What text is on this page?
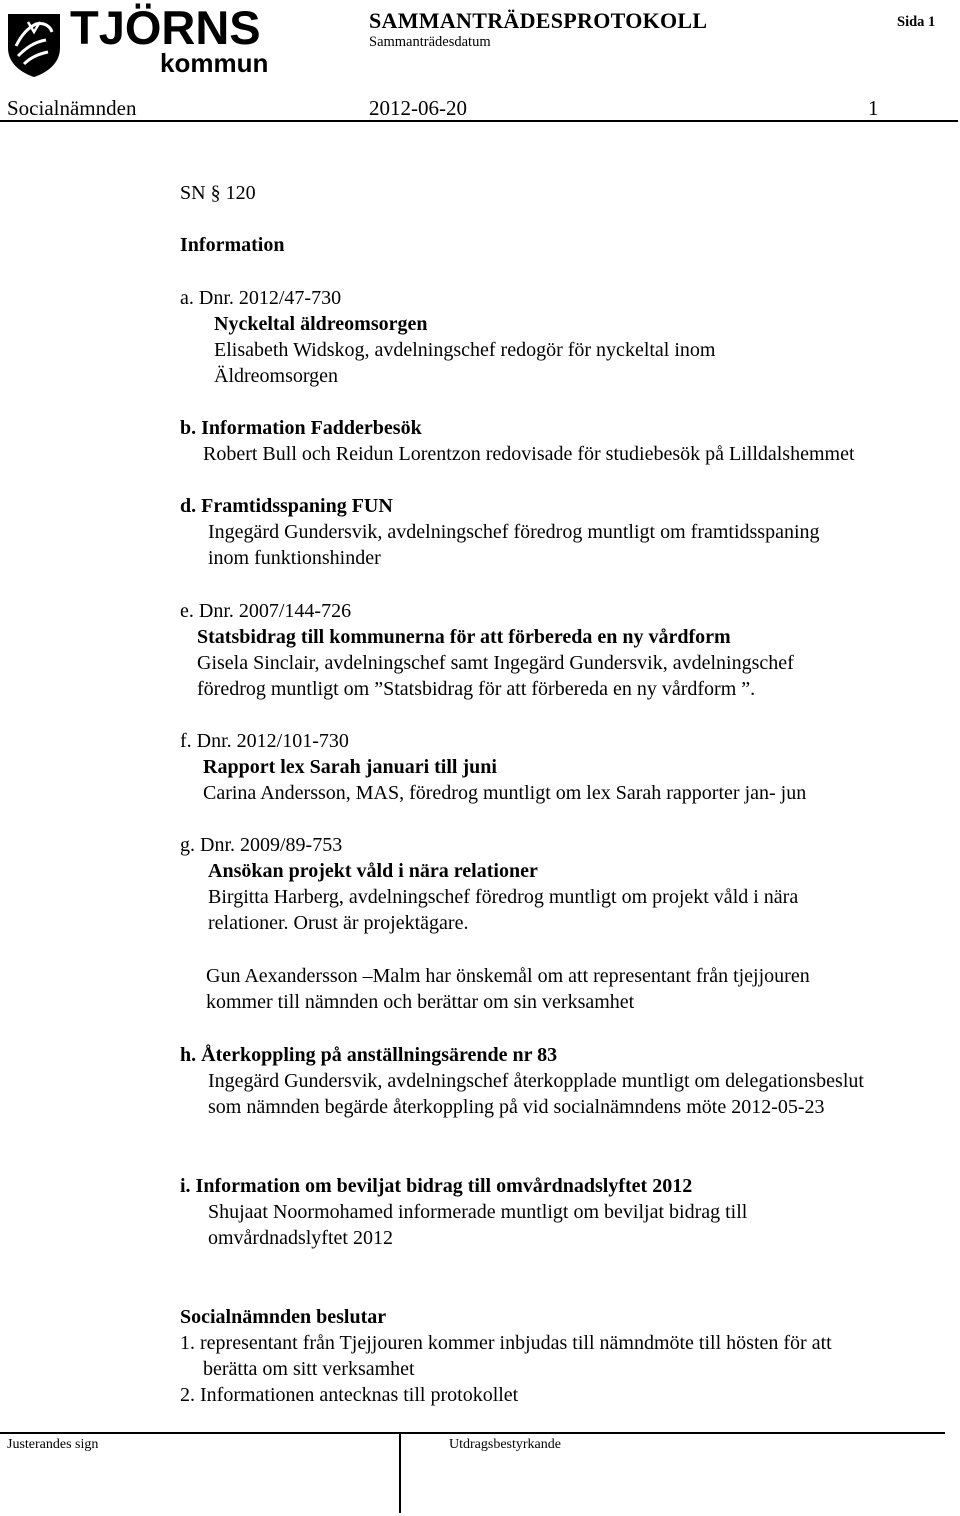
TJÖRNS
kommun
SAMMANTRÄDESPROTOKOLL
Sammanträdesdatum
Sida 1
Socialnämnden	2012-06-20	1
SN § 120
Information
a. Dnr. 2012/47-730
Nyckeltal äldreomsorgen
Elisabeth Widskog, avdelningschef redogör för nyckeltal inom
Äldreomsorgen
b. Information Fadderbesök
Robert Bull och Reidun Lorentzon redovisade för studiebesök på Lilldalshemmet
d. Framtidsspaning FUN
Ingegärd Gundersvik, avdelningschef föredrog muntligt om framtidsspaning
inom funktionshinder
e. Dnr. 2007/144-726
Statsbidrag till kommunerna för att förbereda en ny vårdform
Gisela Sinclair, avdelningschef samt Ingegärd Gundersvik, avdelningschef
föredrog muntligt om ”Statsbidrag för att förbereda en ny vårdform ”.
f. Dnr. 2012/101-730
Rapport lex Sarah januari till juni
Carina Andersson, MAS, föredrog muntligt om lex Sarah rapporter jan- jun
g. Dnr. 2009/89-753
Ansökan projekt våld i nära relationer
Birgitta Harberg, avdelningschef föredrog muntligt om projekt våld i nära
relationer. Orust är projektägare.
Gun Aexandersson –Malm har önskemål om att representant från tjejjouren
kommer till nämnden och berättar om sin verksamhet
h. Återkoppling på anställningsärende nr 83
Ingegärd Gundersvik, avdelningschef återkopplade muntligt om delegationsbeslut
som nämnden begärde återkoppling på vid socialnämndens möte 2012-05-23
i. Information om beviljat bidrag till omvårdnadslyftet 2012
Shujaat Noormohamed informerade muntligt om beviljat bidrag till
omvårdnadslyftet 2012
Socialnämnden beslutar
1. representant från Tjejjouren kommer inbjudas till nämndmöte till hösten för att
berätta om sitt verksamhet
2. Informationen antecknas till protokollet
Justerandes sign	Utdragsbestyrkande
